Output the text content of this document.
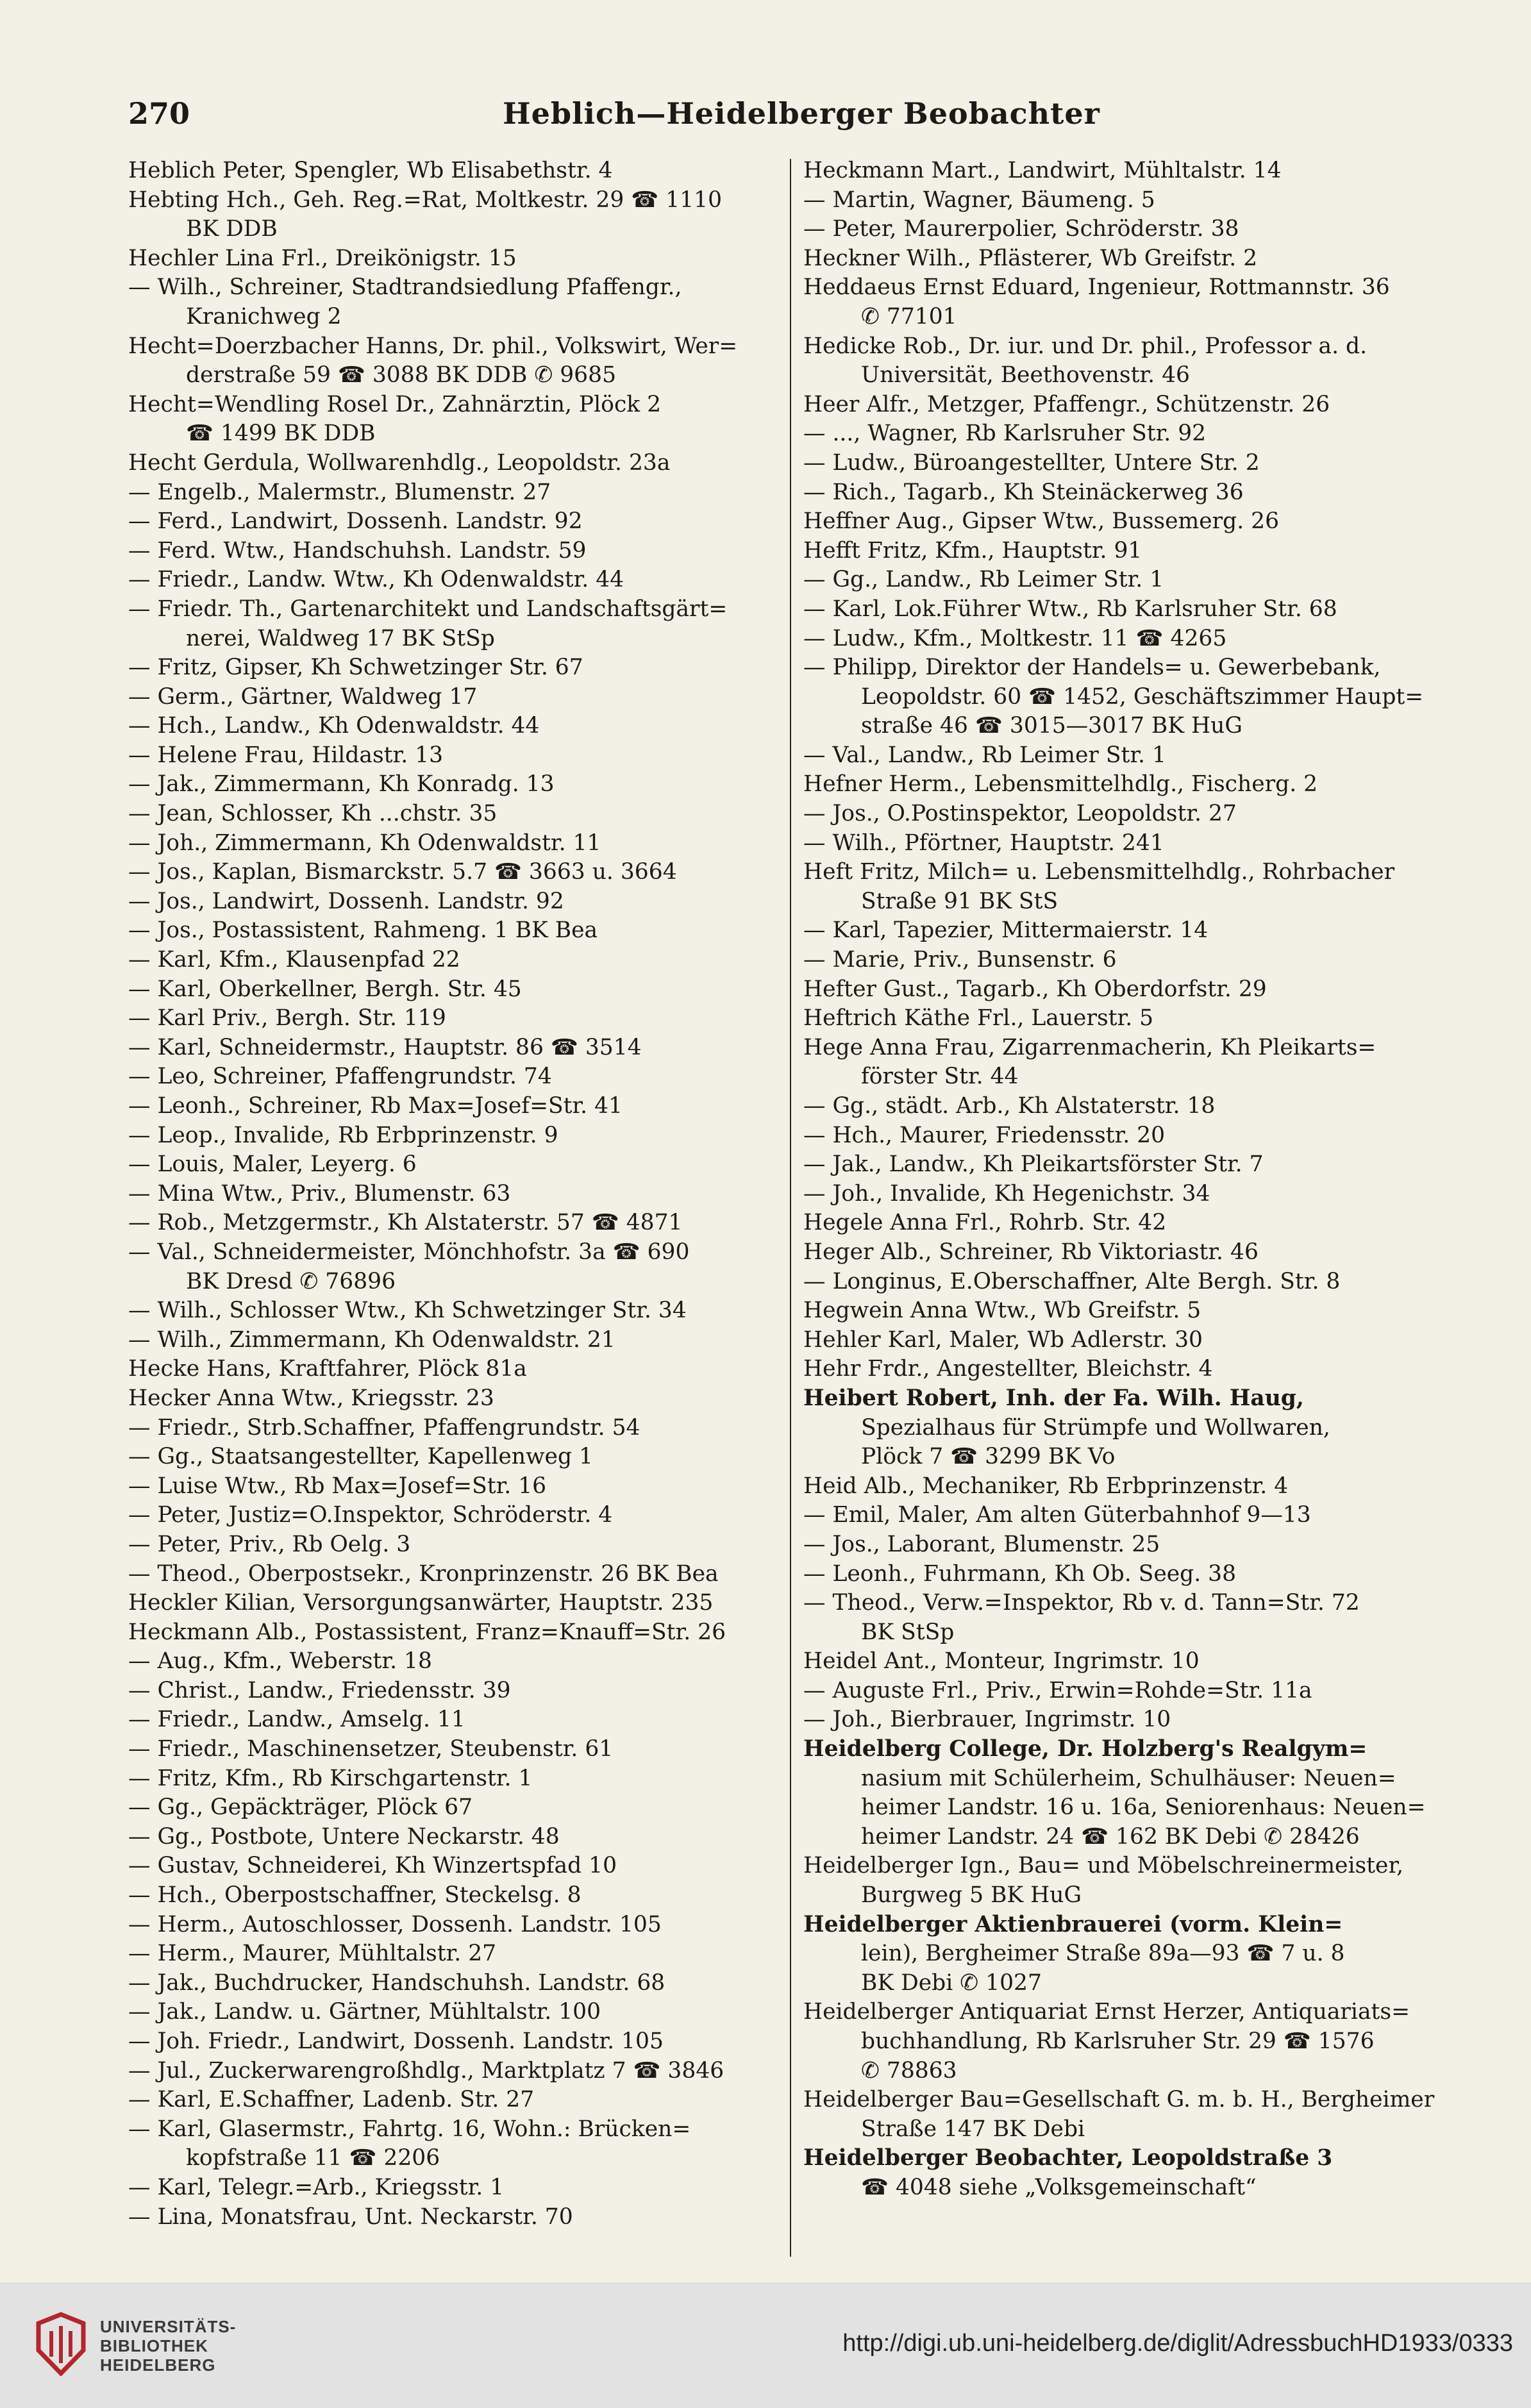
270	Heblich—Heidelberger Beobachter
Heblich Peter, Spengler, Wb Elisabethstr. 4
Hebting Hch., Geh. Reg.=Rat, Moltkestr. 29 ☎ 1110
BK DDB
Hechler Lina Frl., Dreikönigstr. 15
— Wilh., Schreiner, Stadtrandsiedlung Pfaffengr.,
Kranichweg 2
Hecht=Doerzbacher Hanns, Dr. phil., Volkswirt, Wer=
derstraße 59 ☎ 3088 BK DDB ✆ 9685
Hecht=Wendling Rosel Dr., Zahnärztin, Plöck 2
☎ 1499 BK DDB
Hecht Gerdula, Wollwarenhdlg., Leopoldstr. 23a
— Engelb., Malermstr., Blumenstr. 27
— Ferd., Landwirt, Dossenh. Landstr. 92
— Ferd. Wtw., Handschuhsh. Landstr. 59
— Friedr., Landw. Wtw., Kh Odenwaldstr. 44
— Friedr. Th., Gartenarchitekt und Landschaftsgärt=
nerei, Waldweg 17 BK StSp
— Fritz, Gipser, Kh Schwetzinger Str. 67
— Germ., Gärtner, Waldweg 17
— Hch., Landw., Kh Odenwaldstr. 44
— Helene Frau, Hildastr. 13
— Jak., Zimmermann, Kh Konradg. 13
— Jean, Schlosser, Kh ...chstr. 35
— Joh., Zimmermann, Kh Odenwaldstr. 11
— Jos., Kaplan, Bismarckstr. 5.7 ☎ 3663 u. 3664
— Jos., Landwirt, Dossenh. Landstr. 92
— Jos., Postassistent, Rahmeng. 1 BK Bea
— Karl, Kfm., Klausenpfad 22
— Karl, Oberkellner, Bergh. Str. 45
— Karl Priv., Bergh. Str. 119
— Karl, Schneidermstr., Hauptstr. 86 ☎ 3514
— Leo, Schreiner, Pfaffengrundstr. 74
— Leonh., Schreiner, Rb Max=Josef=Str. 41
— Leop., Invalide, Rb Erbprinzenstr. 9
— Louis, Maler, Leyerg. 6
— Mina Wtw., Priv., Blumenstr. 63
— Rob., Metzgermstr., Kh Alstaterstr. 57 ☎ 4871
— Val., Schneidermeister, Mönchhofstr. 3a ☎ 690
BK Dresd ✆ 76896
— Wilh., Schlosser Wtw., Kh Schwetzinger Str. 34
— Wilh., Zimmermann, Kh Odenwaldstr. 21
Hecke Hans, Kraftfahrer, Plöck 81a
Hecker Anna Wtw., Kriegsstr. 23
— Friedr., Strb.Schaffner, Pfaffengrundstr. 54
— Gg., Staatsangestellter, Kapellenweg 1
— Luise Wtw., Rb Max=Josef=Str. 16
— Peter, Justiz=O.Inspektor, Schröderstr. 4
— Peter, Priv., Rb Oelg. 3
— Theod., Oberpostsekr., Kronprinzenstr. 26 BK Bea
Heckler Kilian, Versorgungsanwärter, Hauptstr. 235
Heckmann Alb., Postassistent, Franz=Knauff=Str. 26
— Aug., Kfm., Weberstr. 18
— Christ., Landw., Friedensstr. 39
— Friedr., Landw., Amselg. 11
— Friedr., Maschinensetzer, Steubenstr. 61
— Fritz, Kfm., Rb Kirschgartenstr. 1
— Gg., Gepäckträger, Plöck 67
— Gg., Postbote, Untere Neckarstr. 48
— Gustav, Schneiderei, Kh Winzertspfad 10
— Hch., Oberpostschaffner, Steckelsg. 8
— Herm., Autoschlosser, Dossenh. Landstr. 105
— Herm., Maurer, Mühltalstr. 27
— Jak., Buchdrucker, Handschuhsh. Landstr. 68
— Jak., Landw. u. Gärtner, Mühltalstr. 100
— Joh. Friedr., Landwirt, Dossenh. Landstr. 105
— Jul., Zuckerwarengroßhdlg., Marktplatz 7 ☎ 3846
— Karl, E.Schaffner, Ladenb. Str. 27
— Karl, Glasermstr., Fahrtg. 16, Wohn.: Brücken=
kopfstraße 11 ☎ 2206
— Karl, Telegr.=Arb., Kriegsstr. 1
— Lina, Monatsfrau, Unt. Neckarstr. 70
Heckmann Mart., Landwirt, Mühltalstr. 14
— Martin, Wagner, Bäumeng. 5
— Peter, Maurerpolier, Schröderstr. 38
Heckner Wilh., Pflästerer, Wb Greifstr. 2
Heddaeus Ernst Eduard, Ingenieur, Rottmannstr. 36
✆ 77101
Hedicke Rob., Dr. iur. und Dr. phil., Professor a. d.
Universität, Beethovenstr. 46
Heer Alfr., Metzger, Pfaffengr., Schützenstr. 26
— ..., Wagner, Rb Karlsruher Str. 92
— Ludw., Büroangestellter, Untere Str. 2
— Rich., Tagarb., Kh Steinäckerweg 36
Heffner Aug., Gipser Wtw., Bussemerg. 26
Hefft Fritz, Kfm., Hauptstr. 91
— Gg., Landw., Rb Leimer Str. 1
— Karl, Lok.Führer Wtw., Rb Karlsruher Str. 68
— Ludw., Kfm., Moltkestr. 11 ☎ 4265
— Philipp, Direktor der Handels= u. Gewerbebank,
Leopoldstr. 60 ☎ 1452, Geschäftszimmer Haupt=
straße 46 ☎ 3015—3017 BK HuG
— Val., Landw., Rb Leimer Str. 1
Hefner Herm., Lebensmittelhdlg., Fischerg. 2
— Jos., O.Postinspektor, Leopoldstr. 27
— Wilh., Pförtner, Hauptstr. 241
Heft Fritz, Milch= u. Lebensmittelhdlg., Rohrbacher
Straße 91 BK StS
— Karl, Tapezier, Mittermaierstr. 14
— Marie, Priv., Bunsenstr. 6
Hefter Gust., Tagarb., Kh Oberdorfstr. 29
Heftrich Käthe Frl., Lauerstr. 5
Hege Anna Frau, Zigarrenmacherin, Kh Pleikarts=
förster Str. 44
— Gg., städt. Arb., Kh Alstaterstr. 18
— Hch., Maurer, Friedensstr. 20
— Jak., Landw., Kh Pleikartsförster Str. 7
— Joh., Invalide, Kh Hegenichstr. 34
Hegele Anna Frl., Rohrb. Str. 42
Heger Alb., Schreiner, Rb Viktoriastr. 46
— Longinus, E.Oberschaffner, Alte Bergh. Str. 8
Hegwein Anna Wtw., Wb Greifstr. 5
Hehler Karl, Maler, Wb Adlerstr. 30
Hehr Frdr., Angestellter, Bleichstr. 4
Heibert Robert, Inh. der Fa. Wilh. Haug,
Spezialhaus für Strümpfe und Wollwaren,
Plöck 7 ☎ 3299 BK Vo
Heid Alb., Mechaniker, Rb Erbprinzenstr. 4
— Emil, Maler, Am alten Güterbahnhof 9—13
— Jos., Laborant, Blumenstr. 25
— Leonh., Fuhrmann, Kh Ob. Seeg. 38
— Theod., Verw.=Inspektor, Rb v. d. Tann=Str. 72
BK StSp
Heidel Ant., Monteur, Ingrimstr. 10
— Auguste Frl., Priv., Erwin=Rohde=Str. 11a
— Joh., Bierbrauer, Ingrimstr. 10
Heidelberg College, Dr. Holzberg's Realgym=
nasium mit Schülerheim, Schulhäuser: Neuen=
heimer Landstr. 16 u. 16a, Seniorenhaus: Neuen=
heimer Landstr. 24 ☎ 162 BK Debi ✆ 28426
Heidelberger Ign., Bau= und Möbelschreinermeister,
Burgweg 5 BK HuG
Heidelberger Aktienbrauerei (vorm. Klein=
lein), Bergheimer Straße 89a—93 ☎ 7 u. 8
BK Debi ✆ 1027
Heidelberger Antiquariat Ernst Herzer, Antiquariats=
buchhandlung, Rb Karlsruher Str. 29 ☎ 1576
✆ 78863
Heidelberger Bau=Gesellschaft G. m. b. H., Bergheimer
Straße 147 BK Debi
Heidelberger Beobachter, Leopoldstraße 3
☎ 4048 siehe „Volksgemeinschaft“
UNIVERSITÄTS-
BIBLIOTHEK
HEIDELBERG
http://digi.ub.uni-heidelberg.de/diglit/AdressbuchHD1933/0333
